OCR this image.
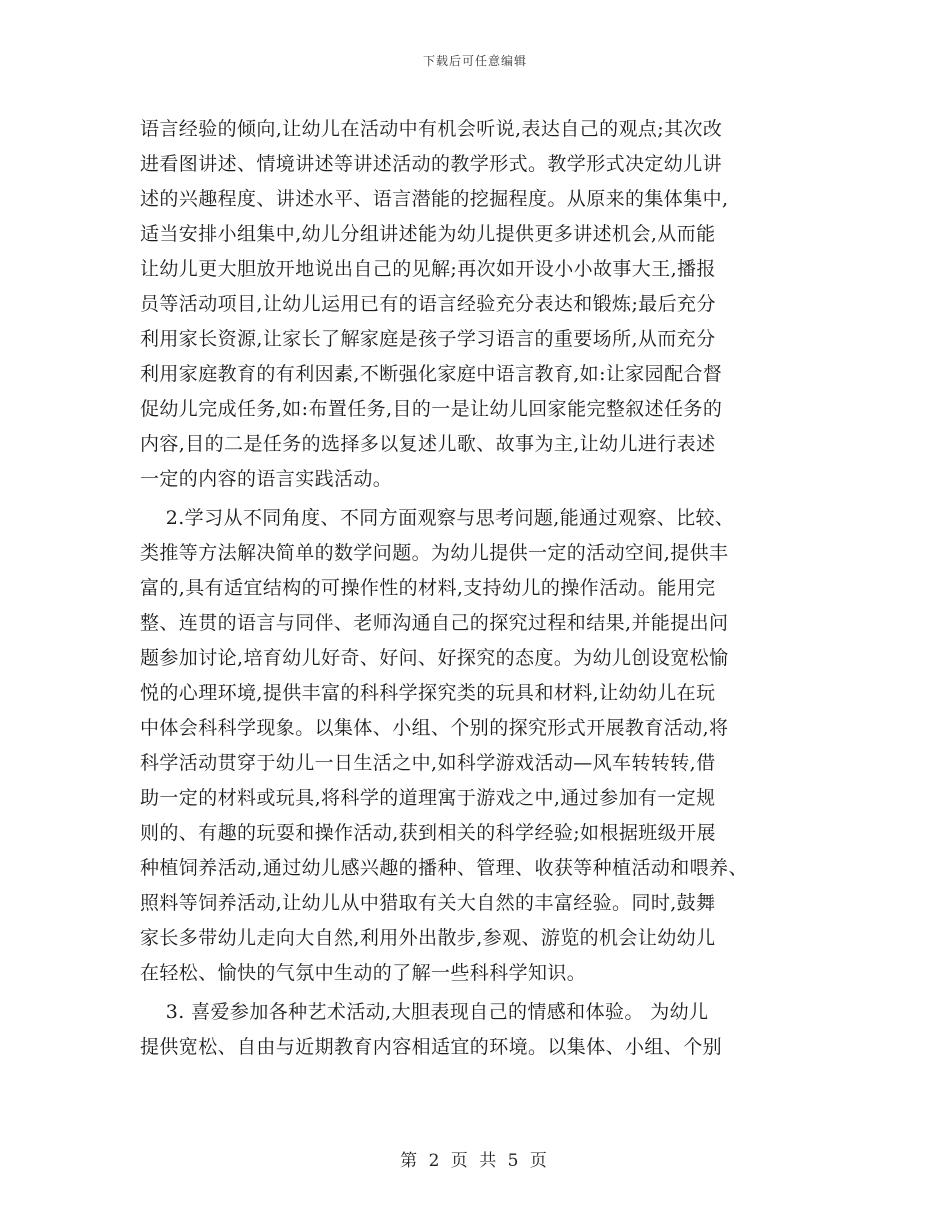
下载后可任意编辑
语言经验的倾向,让幼儿在活动中有机会听说,表达自己的观点;其次改
进看图讲述、情境讲述等讲述活动的教学形式。教学形式决定幼儿讲
述的兴趣程度、讲述水平、语言潜能的挖掘程度。从原来的集体集中,
适当安排小组集中,幼儿分组讲述能为幼儿提供更多讲述机会,从而能
让幼儿更大胆放开地说出自己的见解;再次如开设小小故事大王,播报
员等活动项目,让幼儿运用已有的语言经验充分表达和锻炼;最后充分
利用家长资源,让家长了解家庭是孩子学习语言的重要场所,从而充分
利用家庭教育的有利因素,不断强化家庭中语言教育,如:让家园配合督
促幼儿完成任务,如:布置任务,目的一是让幼儿回家能完整叙述任务的
内容,目的二是任务的选择多以复述儿歌、故事为主,让幼儿进行表述
一定的内容的语言实践活动。
2.学习从不同角度、不同方面观察与思考问题,能通过观察、比较、
类推等方法解决简单的数学问题。为幼儿提供一定的活动空间,提供丰
富的,具有适宜结构的可操作性的材料,支持幼儿的操作活动。能用完
整、连贯的语言与同伴、老师沟通自己的探究过程和结果,并能提出问
题参加讨论,培育幼儿好奇、好问、好探究的态度。为幼儿创设宽松愉
悦的心理环境,提供丰富的科科学探究类的玩具和材料,让幼幼儿在玩
中体会科科学现象。以集体、小组、个别的探究形式开展教育活动,将
科学活动贯穿于幼儿一日生活之中,如科学游戏活动—风车转转转,借
助一定的材料或玩具,将科学的道理寓于游戏之中,通过参加有一定规
则的、有趣的玩耍和操作活动,获到相关的科学经验;如根据班级开展
种植饲养活动,通过幼儿感兴趣的播种、管理、收获等种植活动和喂养、
照料等饲养活动,让幼儿从中猎取有关大自然的丰富经验。同时,鼓舞
家长多带幼儿走向大自然,利用外出散步,参观、游览的机会让幼幼儿
在轻松、愉快的气氛中生动的了解一些科科学知识。
3. 喜爱参加各种艺术活动,大胆表现自己的情感和体验。 为幼儿
提供宽松、自由与近期教育内容相适宜的环境。以集体、小组、个别
第 2 页 共 5 页
